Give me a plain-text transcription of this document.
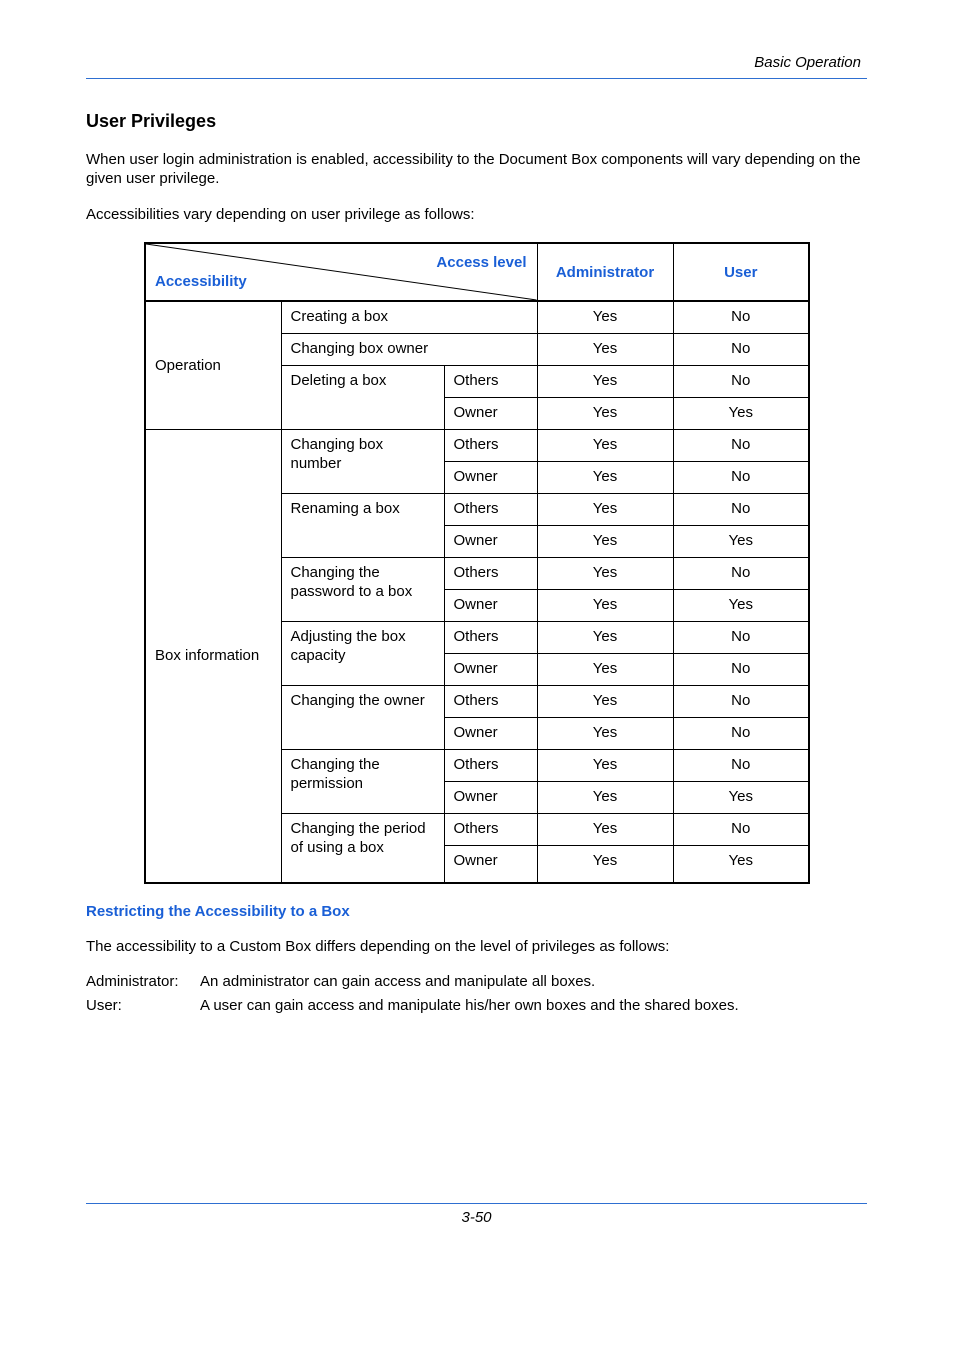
Basic Operation
User Privileges
When user login administration is enabled, accessibility to the Document Box components will vary depending on the given user privilege.
Accessibilities vary depending on user privilege as follows:
Access level
Accessibility			Administrator	User
Operation	Creating a box		Yes	No
	Changing box owner		Yes	No
	Deleting a box	Others	Yes	No
		Owner	Yes	Yes
Box information	Changing box number	Others	Yes	No
		Owner	Yes	No
	Renaming a box	Others	Yes	No
		Owner	Yes	Yes
	Changing the password to a box	Others	Yes	No
		Owner	Yes	Yes
	Adjusting the box capacity	Others	Yes	No
		Owner	Yes	No
	Changing the owner	Others	Yes	No
		Owner	Yes	No
	Changing the permission	Others	Yes	No
		Owner	Yes	Yes
	Changing the period of using a box	Others	Yes	No
		Owner	Yes	Yes
Restricting the Accessibility to a Box
The accessibility to a Custom Box differs depending on the level of privileges as follows:
Administrator:	An administrator can gain access and manipulate all boxes.
User:	A user can gain access and manipulate his/her own boxes and the shared boxes.
3-50
